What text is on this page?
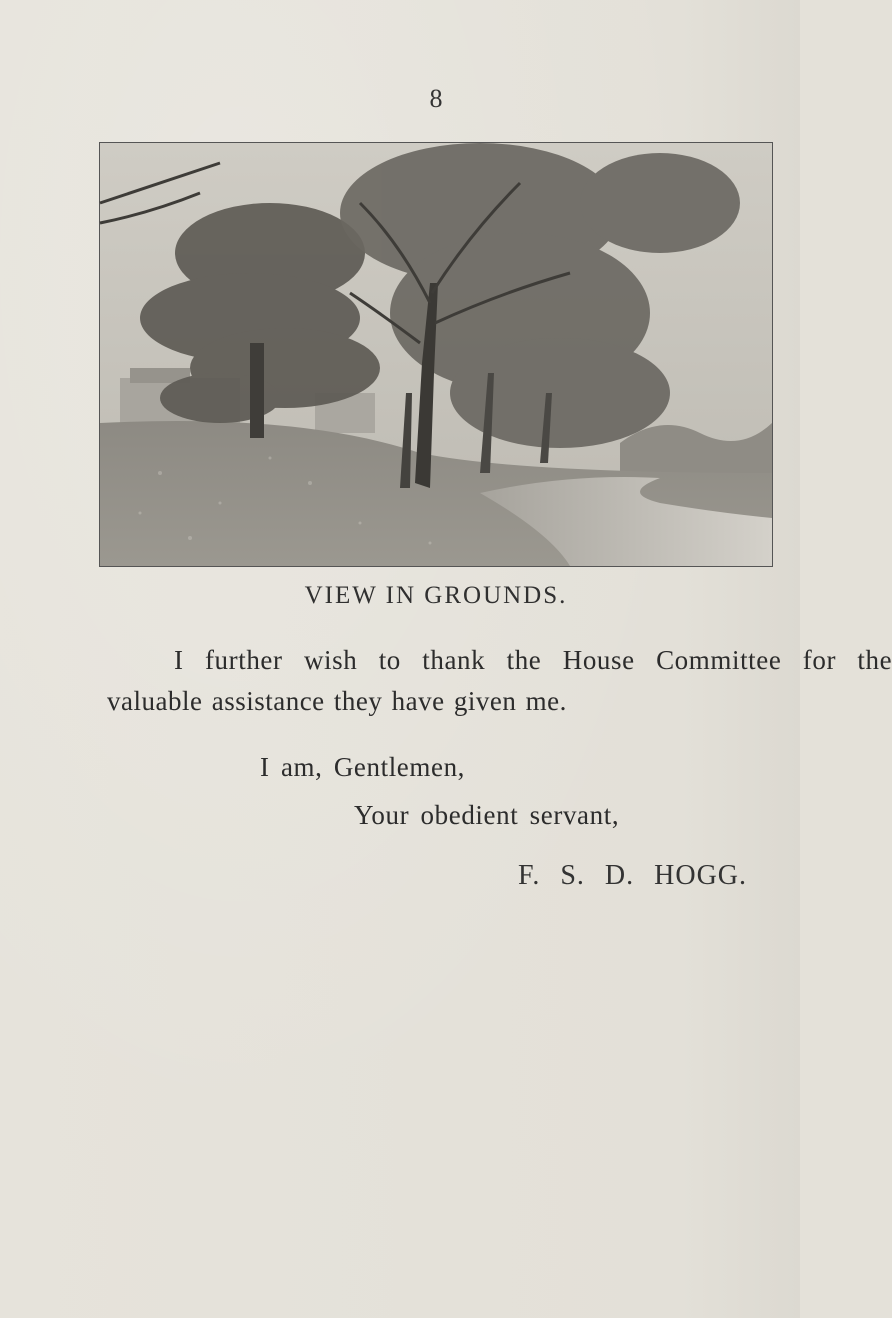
8
VIEW IN GROUNDS.
I further wish to thank the House Committee for the
valuable assistance they have given me.
I am, Gentlemen,
Your obedient servant,
F. S. D. HOGG.
